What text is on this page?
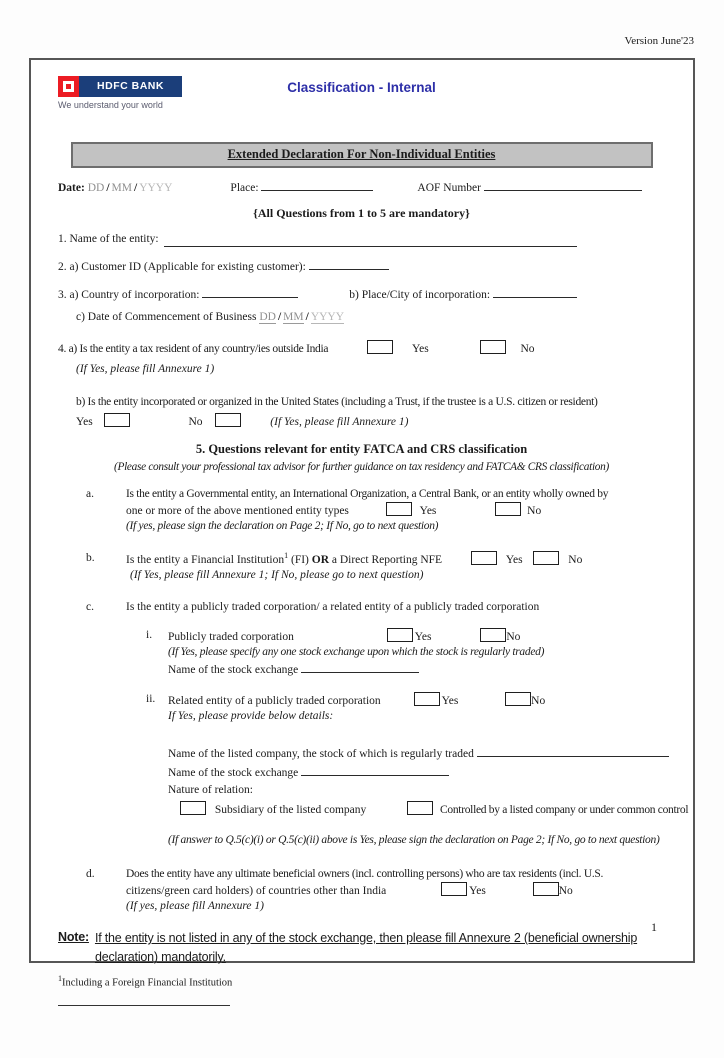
Version June'23
HDFC BANK
We understand your world
Classification - Internal
Extended Declaration For Non-Individual Entities
Date: DD / MM / YYYY	Place:	AOF Number
{All Questions from 1 to 5 are mandatory}
1. Name of the entity:
2. a) Customer ID (Applicable for existing customer):
3. a) Country of incorporation:	b) Place/City of incorporation:
c) Date of Commencement of Business DD / MM / YYYY
4. a) Is the entity a tax resident of any country/ies outside India	Yes	No
(If Yes, please fill Annexure 1)
b) Is the entity incorporated or organized in the United States (including a Trust, if the trustee is a U.S. citizen or resident)
Yes	No	(If Yes, please fill Annexure 1)
5. Questions relevant for entity FATCA and CRS classification
(Please consult your professional tax advisor for further guidance on tax residency and FATCA& CRS classification)
a.	Is the entity a Governmental entity, an International Organization, a Central Bank, or an entity wholly owned by
one or more of the above mentioned entity types	Yes	No
(If yes, please sign the declaration on Page 2; If No, go to next question)
b.	Is the entity a Financial Institution$^1$ (FI) OR a Direct Reporting NFE	Yes	No
(If Yes, please fill Annexure 1; If No, please go to next question)
c.	Is the entity a publicly traded corporation/ a related entity of a publicly traded corporation
i.	Publicly traded corporation	Yes	No
(If Yes, please specify any one stock exchange upon which the stock is regularly traded)
Name of the stock exchange
ii.	Related entity of a publicly traded corporation	Yes	No
If Yes, please provide below details:
Name of the listed company, the stock of which is regularly traded
Name of the stock exchange
Nature of relation:
Subsidiary of the listed company	Controlled by a listed company or under common control
(If answer to Q.5(c)(i) or Q.5(c)(ii) above is Yes, please sign the declaration on Page 2; If No, go to next question)
d.	Does the entity have any ultimate beneficial owners (incl. controlling persons) who are tax residents (incl. U.S.
citizens/green card holders) of countries other than India	Yes	No
(If yes, please fill Annexure 1)
Note: If the entity is not listed in any of the stock exchange, then please fill Annexure 2 (beneficial ownership declaration) mandatorily.
$^1$Including a Foreign Financial Institution
1
